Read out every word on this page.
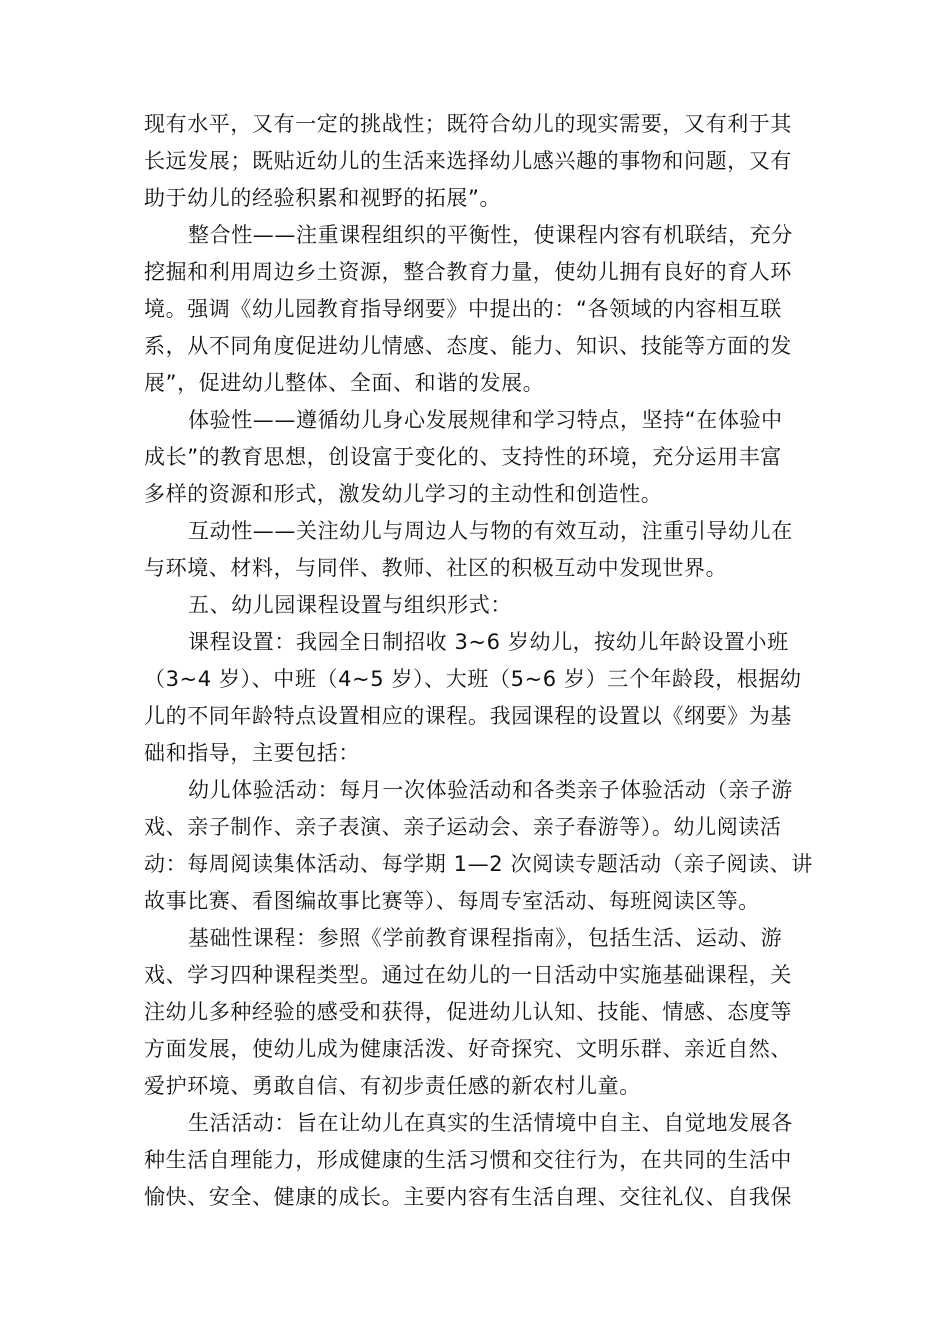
现有水平，又有一定的挑战性；既符合幼儿的现实需要，又有利于其
长远发展；既贴近幼儿的生活来选择幼儿感兴趣的事物和问题，又有
助于幼儿的经验积累和视野的拓展”。
整合性——注重课程组织的平衡性，使课程内容有机联结，充分
挖掘和利用周边乡土资源，整合教育力量，使幼儿拥有良好的育人环
境。强调《幼儿园教育指导纲要》中提出的：“各领域的内容相互联
系，从不同角度促进幼儿情感、态度、能力、知识、技能等方面的发
展”，促进幼儿整体、全面、和谐的发展。
体验性——遵循幼儿身心发展规律和学习特点，坚持“在体验中
成长”的教育思想，创设富于变化的、支持性的环境，充分运用丰富
多样的资源和形式，激发幼儿学习的主动性和创造性。
互动性——关注幼儿与周边人与物的有效互动，注重引导幼儿在
与环境、材料，与同伴、教师、社区的积极互动中发现世界。
五、幼儿园课程设置与组织形式：
课程设置：我园全日制招收 3~6 岁幼儿，按幼儿年龄设置小班
（3~4 岁）、中班（4~5 岁）、大班（5~6 岁）三个年龄段，根据幼
儿的不同年龄特点设置相应的课程。我园课程的设置以《纲要》为基
础和指导，主要包括：
幼儿体验活动：每月一次体验活动和各类亲子体验活动（亲子游
戏、亲子制作、亲子表演、亲子运动会、亲子春游等）。幼儿阅读活
动：每周阅读集体活动、每学期 1—2 次阅读专题活动（亲子阅读、讲
故事比赛、看图编故事比赛等）、每周专室活动、每班阅读区等。
基础性课程：参照《学前教育课程指南》，包括生活、运动、游
戏、学习四种课程类型。通过在幼儿的一日活动中实施基础课程，关
注幼儿多种经验的感受和获得，促进幼儿认知、技能、情感、态度等
方面发展，使幼儿成为健康活泼、好奇探究、文明乐群、亲近自然、
爱护环境、勇敢自信、有初步责任感的新农村儿童。
生活活动：旨在让幼儿在真实的生活情境中自主、自觉地发展各
种生活自理能力，形成健康的生活习惯和交往行为，在共同的生活中
愉快、安全、健康的成长。主要内容有生活自理、交往礼仪、自我保
